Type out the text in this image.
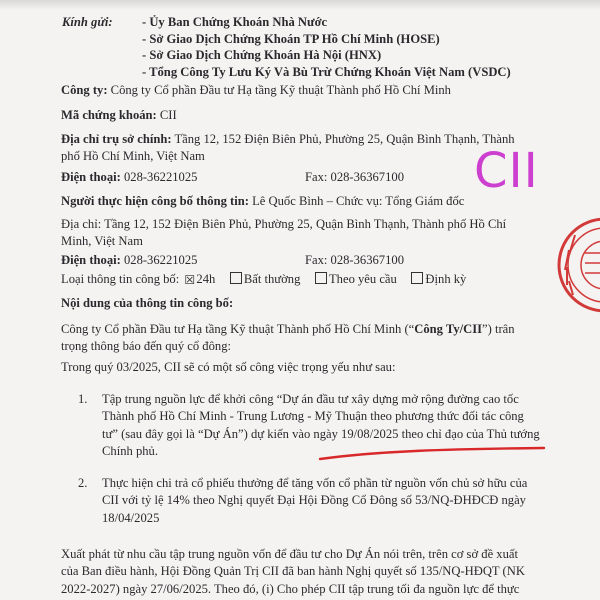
Kính gửi:	- Ủy Ban Chứng Khoán Nhà Nước
- Sở Giao Dịch Chứng Khoán TP Hồ Chí Minh (HOSE)
- Sở Giao Dịch Chứng Khoán Hà Nội (HNX)
- Tổng Công Ty Lưu Ký Và Bù Trừ Chứng Khoán Việt Nam (VSDC)
Công ty: Công ty Cổ phần Đầu tư Hạ tầng Kỹ thuật Thành phố Hồ Chí Minh
Mã chứng khoán: CII
Địa chỉ trụ sở chính: Tầng 12, 152 Điện Biên Phủ, Phường 25, Quận Bình Thạnh, Thành
phố Hồ Chí Minh, Việt Nam
Điện thoại: 028-36221025	Fax: 028-36367100
Người thực hiện công bố thông tin: Lê Quốc Bình – Chức vụ: Tổng Giám đốc
Địa chỉ: Tầng 12, 152 Điện Biên Phủ, Phường 25, Quận Bình Thạnh, Thành phố Hồ Chí
Minh, Việt Nam
Điện thoại: 028-36221025	Fax: 028-36367100
Loại thông tin công bố: ☒24h Bất thường Theo yêu cầu Định kỳ
Nội dung của thông tin công bố:
Công ty Cổ phần Đầu tư Hạ tầng Kỹ thuật Thành phố Hồ Chí Minh (“Công Ty/CII”) trân
trọng thông báo đến quý cổ đông:
Trong quý 03/2025, CII sẽ có một số công việc trọng yếu như sau:
1.	Tập trung nguồn lực để khởi công “Dự án đầu tư xây dựng mở rộng đường cao tốc
Thành phố Hồ Chí Minh - Trung Lương - Mỹ Thuận theo phương thức đối tác công
tư” (sau đây gọi là “Dự Án”) dự kiến vào ngày 19/08/2025 theo chỉ đạo của Thủ tướng
Chính phủ.
2.	Thực hiện chi trả cổ phiếu thưởng để tăng vốn cổ phần từ nguồn vốn chủ sở hữu của
CII với tỷ lệ 14% theo Nghị quyết Đại Hội Đồng Cổ Đông số 53/NQ-ĐHĐCĐ ngày
18/04/2025
Xuất phát từ nhu cầu tập trung nguồn vốn để đầu tư cho Dự Án nói trên, trên cơ sở đề xuất
của Ban điều hành, Hội Đồng Quản Trị CII đã ban hành Nghị quyết số 135/NQ-HĐQT (NK
2022-2027) ngày 27/06/2025. Theo đó, (i) Cho phép CII tập trung tối đa nguồn lực để thực
CII
